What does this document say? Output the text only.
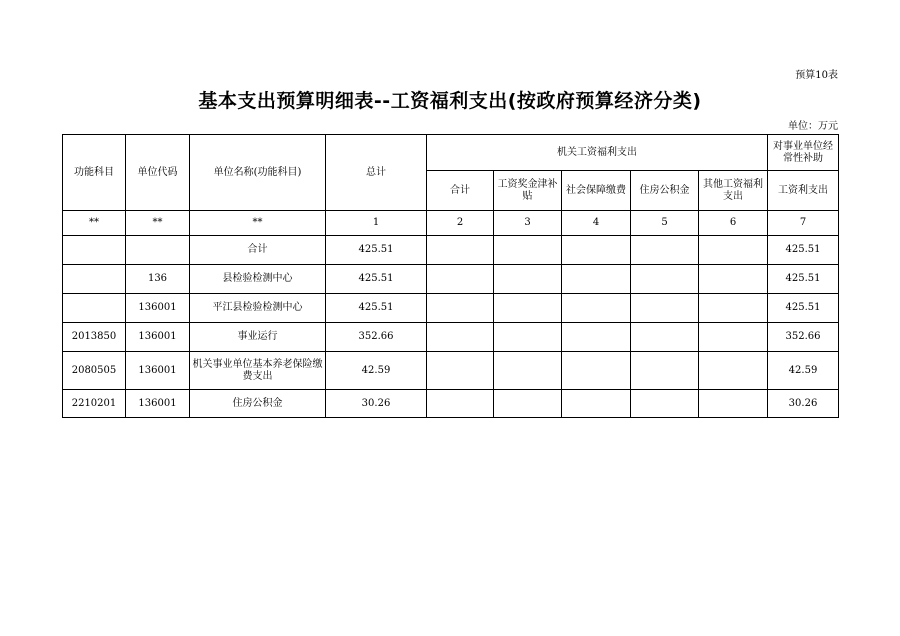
预算10表
基本支出预算明细表--工资福利支出(按政府预算经济分类)
单位：万元
功能科目	单位代码	单位名称(功能科目)	总计	机关工资福利支出					对事业单位经常性补助
				合计	工资奖金津补贴	社会保障缴费	住房公积金	其他工资福利支出	工资利支出
**	**	**	1	2	3	4	5	6	7
		合计	425.51						425.51
	136	县检验检测中心	425.51						425.51
	136001	平江县检验检测中心	425.51						425.51
2013850	136001	事业运行	352.66						352.66
2080505	136001	机关事业单位基本养老保险缴费支出	42.59						42.59
2210201	136001	住房公积金	30.26						30.26
